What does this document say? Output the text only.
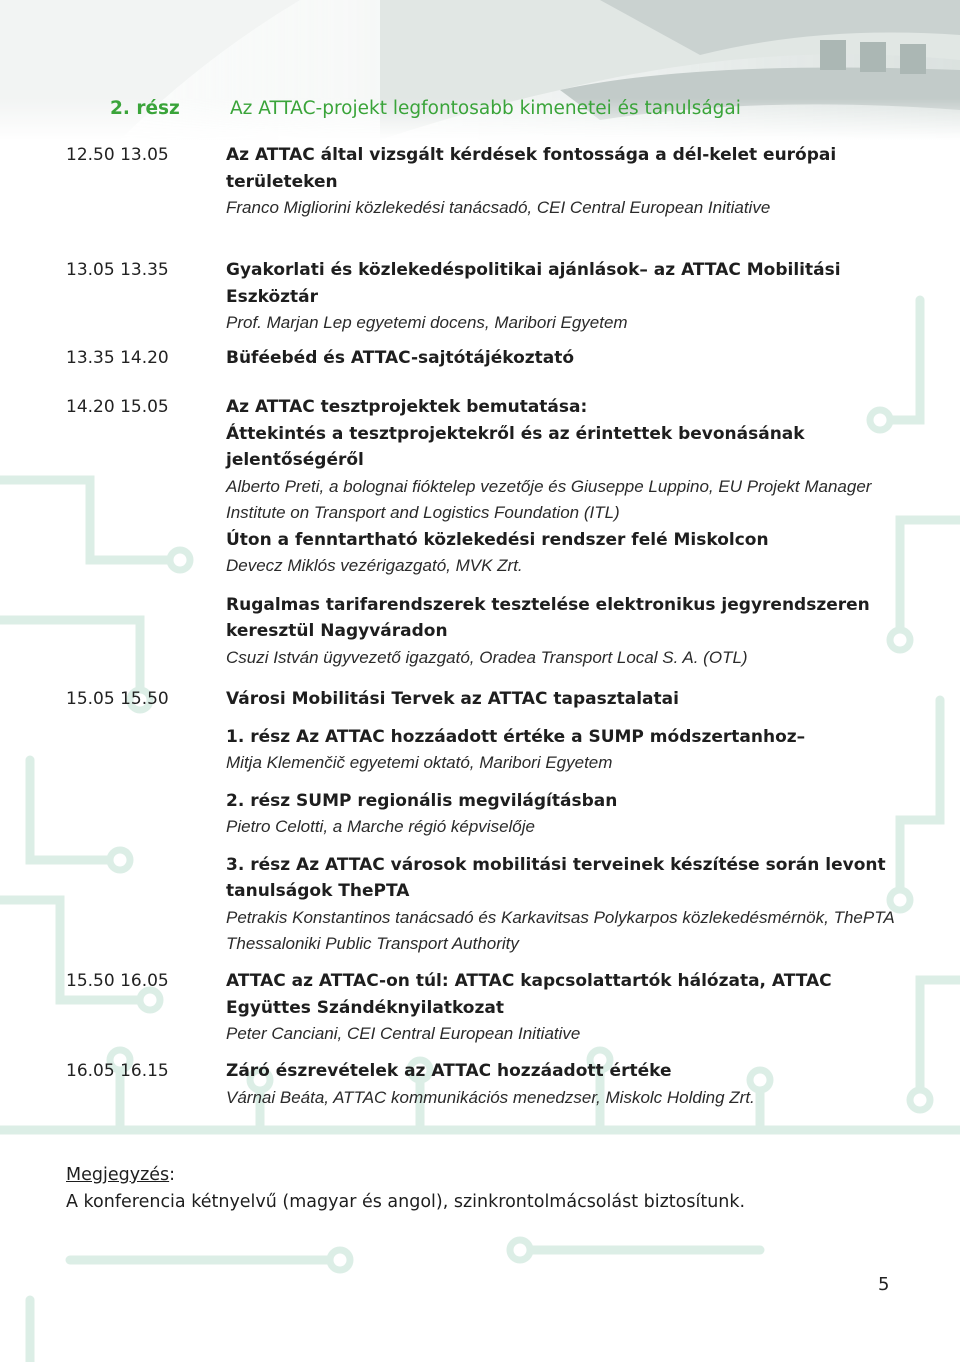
2. rész	Az ATTAC-projekt legfontosabb kimenetei és tanulságai
12.50 13.05	Az ATTAC által vizsgált kérdések fontossága a dél-kelet európai területeken
Franco Migliorini közlekedési tanácsadó, CEI Central European Initiative
13.05 13.35	Gyakorlati és közlekedéspolitikai ajánlások– az ATTAC Mobilitási Eszköztár
Prof. Marjan Lep egyetemi docens, Maribori Egyetem
13.35 14.20	Büféebéd és ATTAC-sajtótájékoztató
14.20 15.05	Az ATTAC tesztprojektek bemutatása:
Áttekintés a tesztprojektekről és az érintettek bevonásának jelentőségéről
Alberto Preti, a bolognai fióktelep vezetője és Giuseppe Luppino, EU Projekt Manager Institute on Transport and Logistics Foundation (ITL)
Úton a fenntartható közlekedési rendszer felé Miskolcon
Devecz Miklós vezérigazgató, MVK Zrt.
Rugalmas tarifarendszerek tesztelése elektronikus jegyrendszeren keresztül Nagyváradon
Csuzi István ügyvezető igazgató, Oradea Transport Local S. A. (OTL)
15.05 15.50	Városi Mobilitási Tervek az ATTAC tapasztalatai
1. rész Az ATTAC hozzáadott értéke a SUMP módszertanhoz–
Mitja Klemenčič egyetemi oktató, Maribori Egyetem
2. rész SUMP regionális megvilágításban
Pietro Celotti, a Marche régió képviselője
3. rész Az ATTAC városok mobilitási terveinek készítése során levont tanulságok ThePTA
Petrakis Konstantinos tanácsadó és Karkavitsas Polykarpos közlekedésmérnök, ThePTA Thessaloniki Public Transport Authority
15.50 16.05	ATTAC az ATTAC-on túl: ATTAC kapcsolattartók hálózata, ATTAC Együttes Szándéknyilatkozat
Peter Canciani, CEI Central European Initiative
16.05 16.15	Záró észrevételek az ATTAC hozzáadott értéke
Várnai Beáta, ATTAC kommunikációs menedzser, Miskolc Holding Zrt.
Megjegyzés:
A konferencia kétnyelvű (magyar és angol), szinkrontolmácsolást biztosítunk.
5
